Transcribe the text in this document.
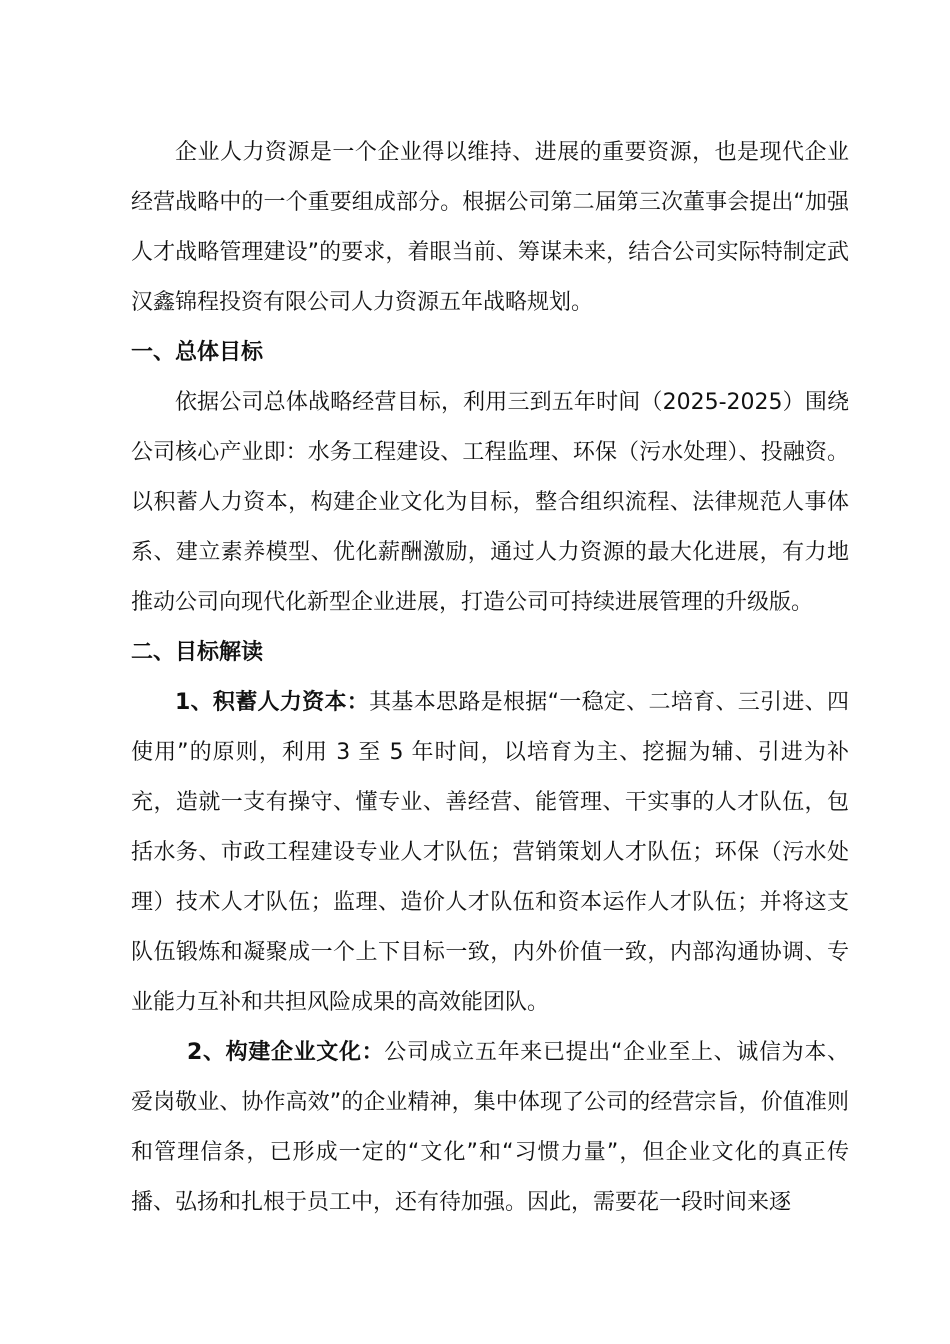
企业人力资源是一个企业得以维持、进展的重要资源，也是现代企业经营战略中的一个重要组成部分。根据公司第二届第三次董事会提出“加强人才战略管理建设”的要求，着眼当前、筹谋未来，结合公司实际特制定武汉鑫锦程投资有限公司人力资源五年战略规划。

一、总体目标

依据公司总体战略经营目标，利用三到五年时间（2025-2025）围绕公司核心产业即：水务工程建设、工程监理、环保（污水处理）、投融资。以积蓄人力资本，构建企业文化为目标，整合组织流程、法律规范人事体系、建立素养模型、优化薪酬激励，通过人力资源的最大化进展，有力地推动公司向现代化新型企业进展，打造公司可持续进展管理的升级版。

二、目标解读

1、积蓄人力资本：其基本思路是根据“一稳定、二培育、三引进、四使用”的原则，利用 3 至 5 年时间，以培育为主、挖掘为辅、引进为补充，造就一支有操守、懂专业、善经营、能管理、干实事的人才队伍，包括水务、市政工程建设专业人才队伍；营销策划人才队伍；环保（污水处理）技术人才队伍；监理、造价人才队伍和资本运作人才队伍；并将这支队伍锻炼和凝聚成一个上下目标一致，内外价值一致，内部沟通协调、专业能力互补和共担风险成果的高效能团队。

2、构建企业文化：公司成立五年来已提出“企业至上、诚信为本、爱岗敬业、协作高效”的企业精神，集中体现了公司的经营宗旨，价值准则和管理信条，已形成一定的“文化”和“习惯力量”，但企业文化的真正传播、弘扬和扎根于员工中，还有待加强。因此，需要花一段时间来逐
